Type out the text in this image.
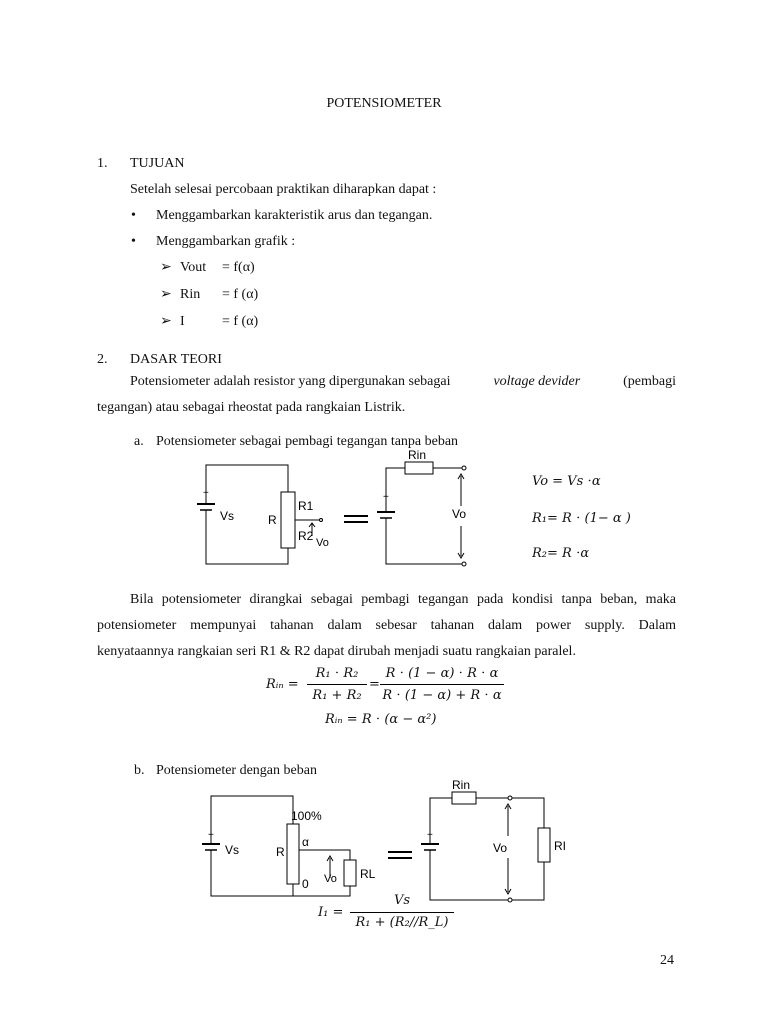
POTENSIOMETER
1. TUJUAN
Setelah selesai percobaan praktikan diharapkan dapat :
• Menggambarkan karakteristik arus dan tegangan.
• Menggambarkan grafik :
➢ Vout = f(α)
➢ Rin = f (α)
➢ I	= f (α)
2. DASAR TEORI
Potensiometer adalah resistor yang dipergunakan sebagai	voltage devider	(pembagi
tegangan) atau sebagai rheostat pada rangkaian Listrik.
a. Potensiometer sebagai pembagi tegangan tanpa beban
+
Vs	R
R1
R2 Vo
+
Rin
Vo
Vo = Vs ⋅α
R₁= R ⋅ (1− α )
R₂= R ⋅α
Bila potensiometer dirangkai sebagai pembagi tegangan pada kondisi tanpa beban, maka
potensiometer mempunyai tahanan dalam sebesar tahanan dalam power supply. Dalam
kenyataannya rangkaian seri R1 & R2 dapat dirubah menjadi suatu rangkaian paralel.
Rᵢₙ =
R₁ ⋅ R₂
R₁ + R₂
=
R ⋅ (1 − α) ⋅ R ⋅ α
R ⋅ (1 − α) + R ⋅ α
Rᵢₙ = R ⋅ (α − α²)
b. Potensiometer dengan beban
+
Vs	R
100%
α
0 Vo RL
+
Rin
Vo	RI
I₁ =
Vs
R₁ + (R₂//R_L)
24
